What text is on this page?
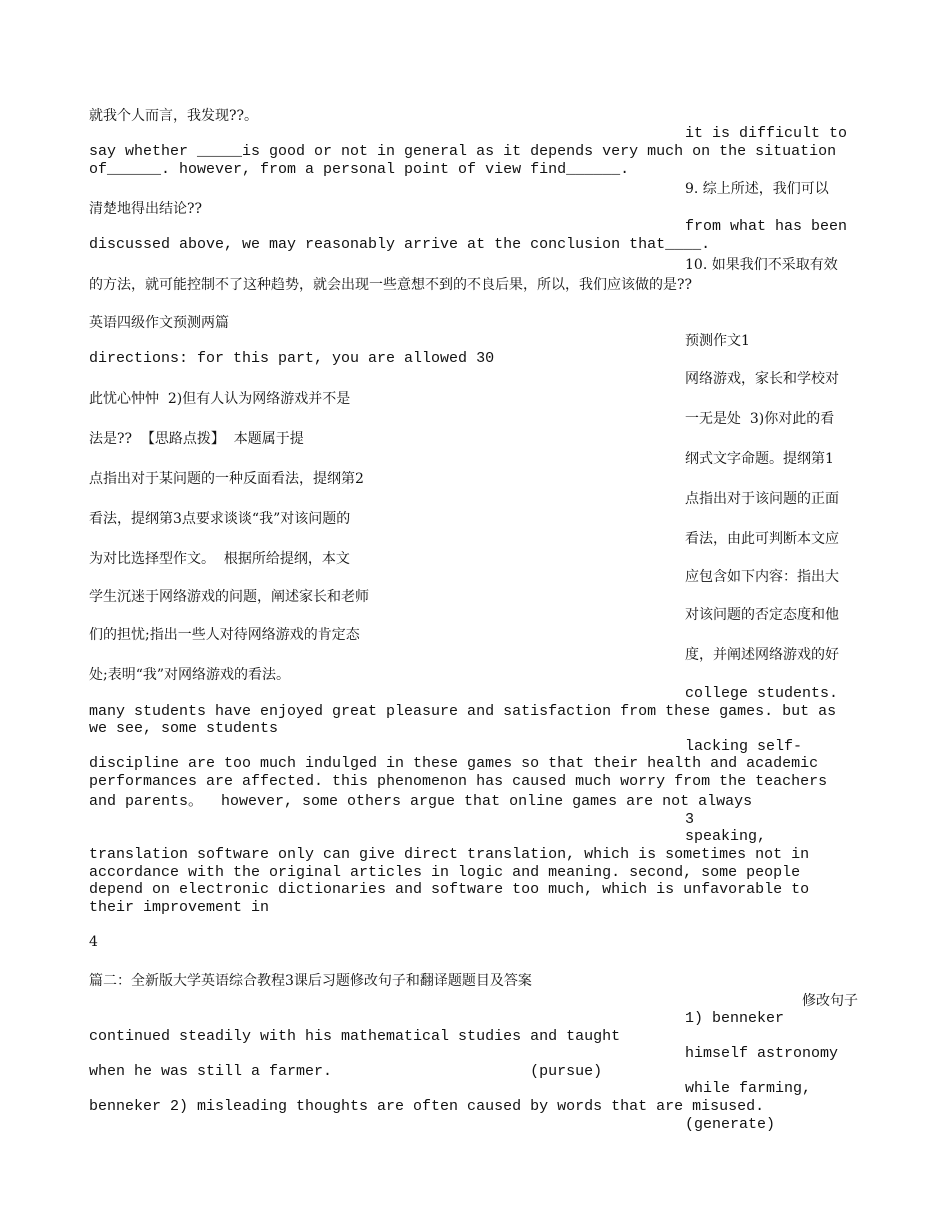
就我个人而言，我发现??。
it is difficult to
say whether _____is good or not in general as it depends very much on the situation
of______. however, from a personal point of view find______.
9. 综上所述，我们可以
清楚地得出结论??
from what has been
discussed above, we may reasonably arrive at the conclusion that____.
10. 如果我们不采取有效
的方法，就可能控制不了这种趋势，就会出现一些意想不到的不良后果，所以，我们应该做的是??
英语四级作文预测两篇
预测作文1
directions: for this part, you are allowed 30
网络游戏，家长和学校对
此忧心忡忡  2)但有人认为网络游戏并不是
一无是处  3)你对此的看
法是??  【思路点拨】  本题属于提
纲式文字命题。提纲第1
点指出对于某问题的一种反面看法，提纲第2
点指出对于该问题的正面
看法，提纲第3点要求谈谈“我”对该问题的
看法，由此可判断本文应
为对比选择型作文。  根据所给提纲，本文
应包含如下内容：指出大
学生沉迷于网络游戏的问题，阐述家长和老师
对该问题的否定态度和他
们的担忧;指出一些人对待网络游戏的肯定态
度，并阐述网络游戏的好
处;表明“我”对网络游戏的看法。
college students.
many students have enjoyed great pleasure and satisfaction from these games. but as
we see, some students
lacking self-
discipline are too much indulged in these games so that their health and academic
performances are affected. this phenomenon has caused much worry from the teachers
and parents。  however, some others argue that online games are not always
3
speaking,
translation software only can give direct translation, which is sometimes not in
accordance with the original articles in logic and meaning. second, some people
depend on electronic dictionaries and software too much, which is unfavorable to
their improvement in
4
篇二：全新版大学英语综合教程3课后习题修改句子和翻译题题目及答案
修改句子
1) benneker
continued steadily with his mathematical studies and taught
himself astronomy
when he was still a farmer.                      (pursue)
while farming,
benneker 2) misleading thoughts are often caused by words that are misused.
(generate)
